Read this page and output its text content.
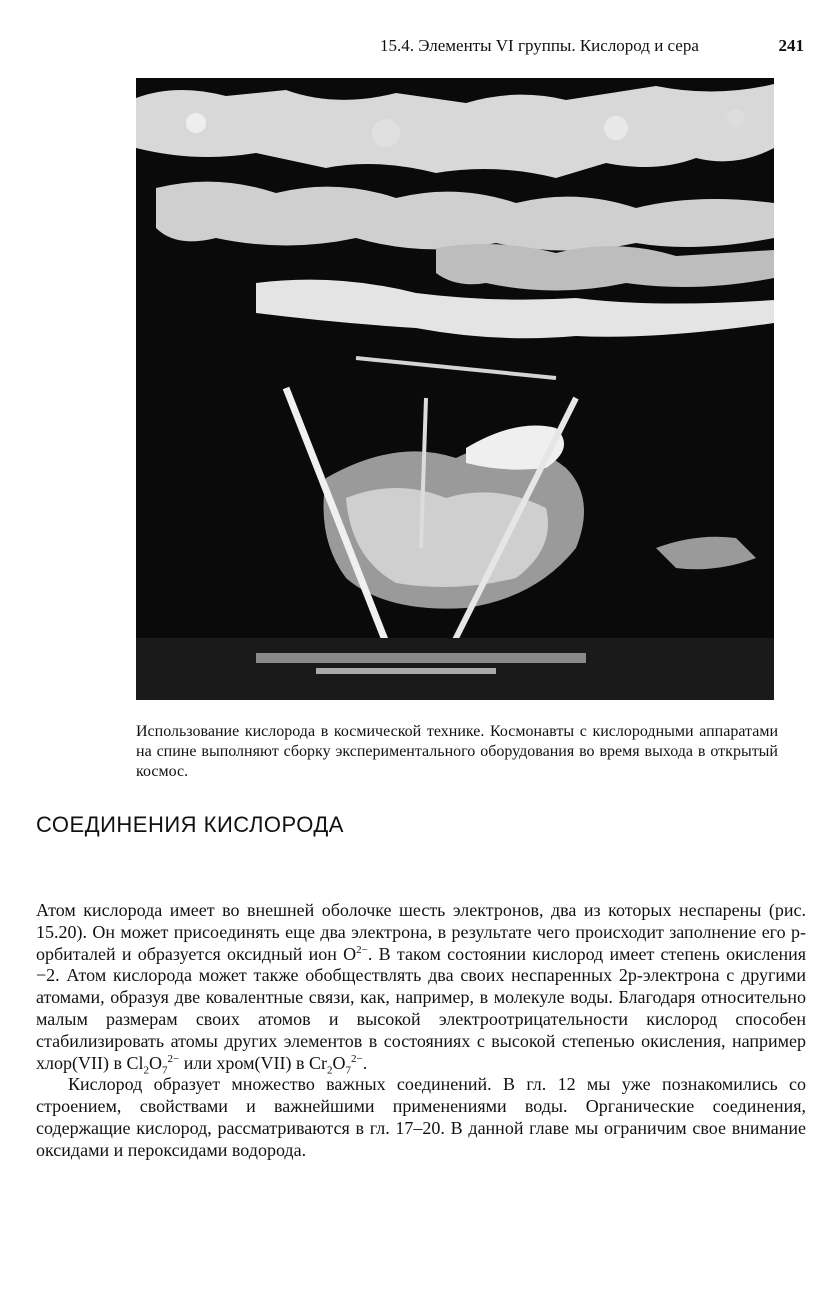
15.4. Элементы VI группы. Кислород и сера	241

Использование кислорода в космической технике. Космонавты с кислородными аппаратами на спине выполняют сборку экспериментального оборудования во время выхода в открытый космос.

СОЕДИНЕНИЯ КИСЛОРОДА

Атом кислорода имеет во внешней оболочке шесть электронов, два из которых неспарены (рис. 15.20). Он может присоединять еще два электрона, в результате чего происходит заполнение его p-орбиталей и образуется оксидный ион $O^{2-}$. В таком состоянии кислород имеет степень окисления −2. Атом кислорода может также обобществлять два своих неспаренных 2p-электрона с другими атомами, образуя две ковалентные связи, как, например, в молекуле воды. Благодаря относительно малым размерам своих атомов и высокой электроотрицательности кислород способен стабилизировать атомы других элементов в состояниях с высокой степенью окисления, например хлор(VII) в $Cl_2O_7^{2-}$ или хром(VII) в $Cr_2O_7^{2-}$.

Кислород образует множество важных соединений. В гл. 12 мы уже познакомились со строением, свойствами и важнейшими применениями воды. Органические соединения, содержащие кислород, рассматриваются в гл. 17–20. В данной главе мы ограничим свое внимание оксидами и пероксидами водорода.
